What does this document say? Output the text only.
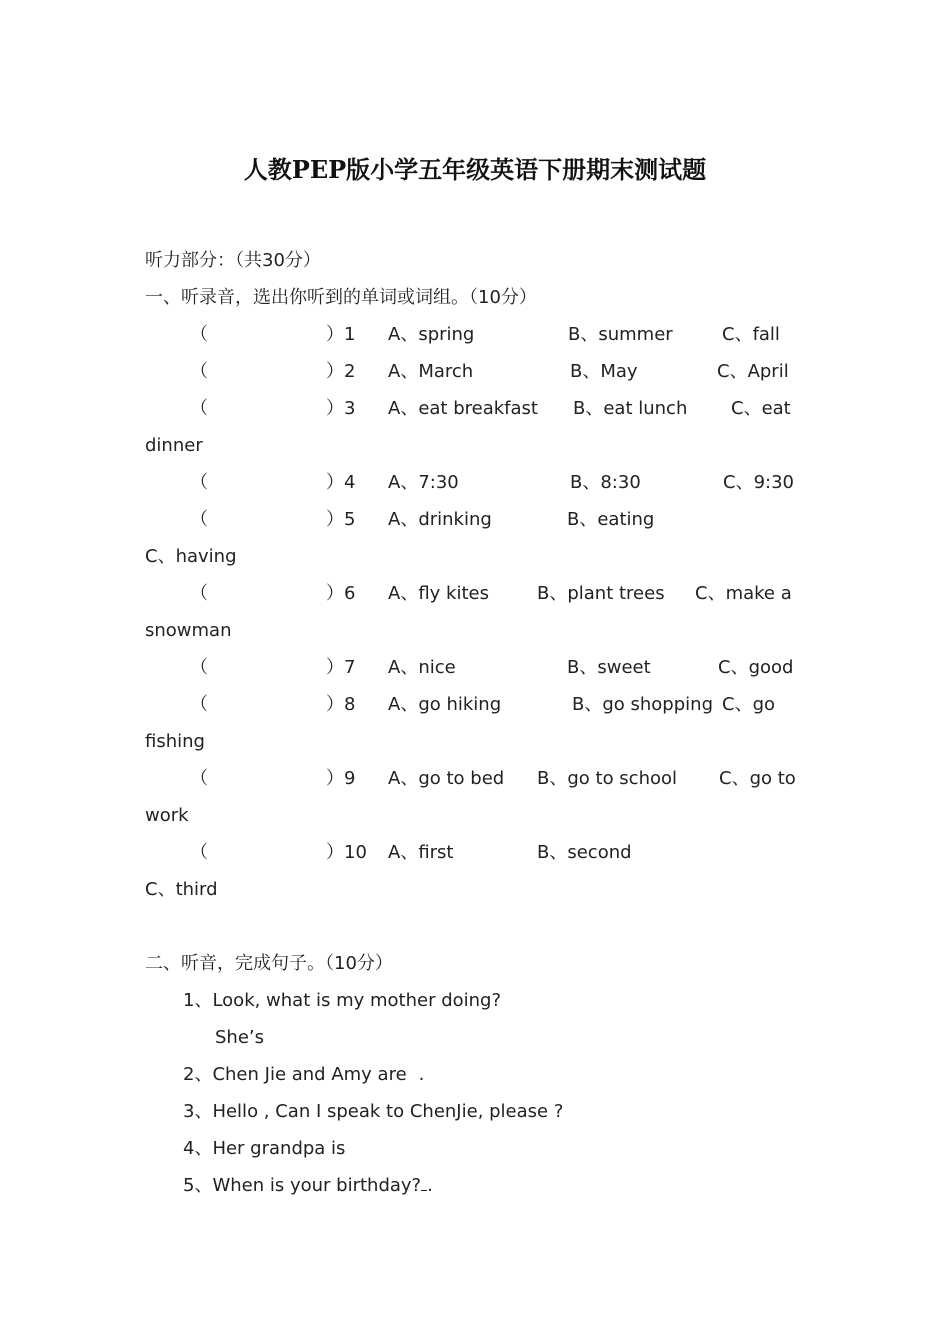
人教PEP版小学五年级英语下册期末测试题
听力部分：（共30分）
一、听录音，选出你听到的单词或词组。（10分）
（	）1 A、spring	B、summer	C、fall
（	）2 A、March	B、May	C、April
（	）3 A、eat breakfast B、eat lunch C、eat
dinner
（	）4 A、7:30	B、8:30	C、9:30
（	）5 A、drinking	B、eating
C、having
（	）6 A、fly kites	B、plant trees C、make a
snowman
（	）7 A、nice	B、sweet	C、good
（	）8 A、go hiking	B、go shopping C、go
fishing
（	）9 A、go to bed B、go to school C、go to
work
（	）10 A、first	B、second
C、third
二、听音，完成句子。（10分）
1、Look, what is my mother doing?
She’s
2、Chen Jie and Amy are .
3、Hello , Can I speak to ChenJie, please ?
4、Her grandpa is
5、When is your birthday? .
